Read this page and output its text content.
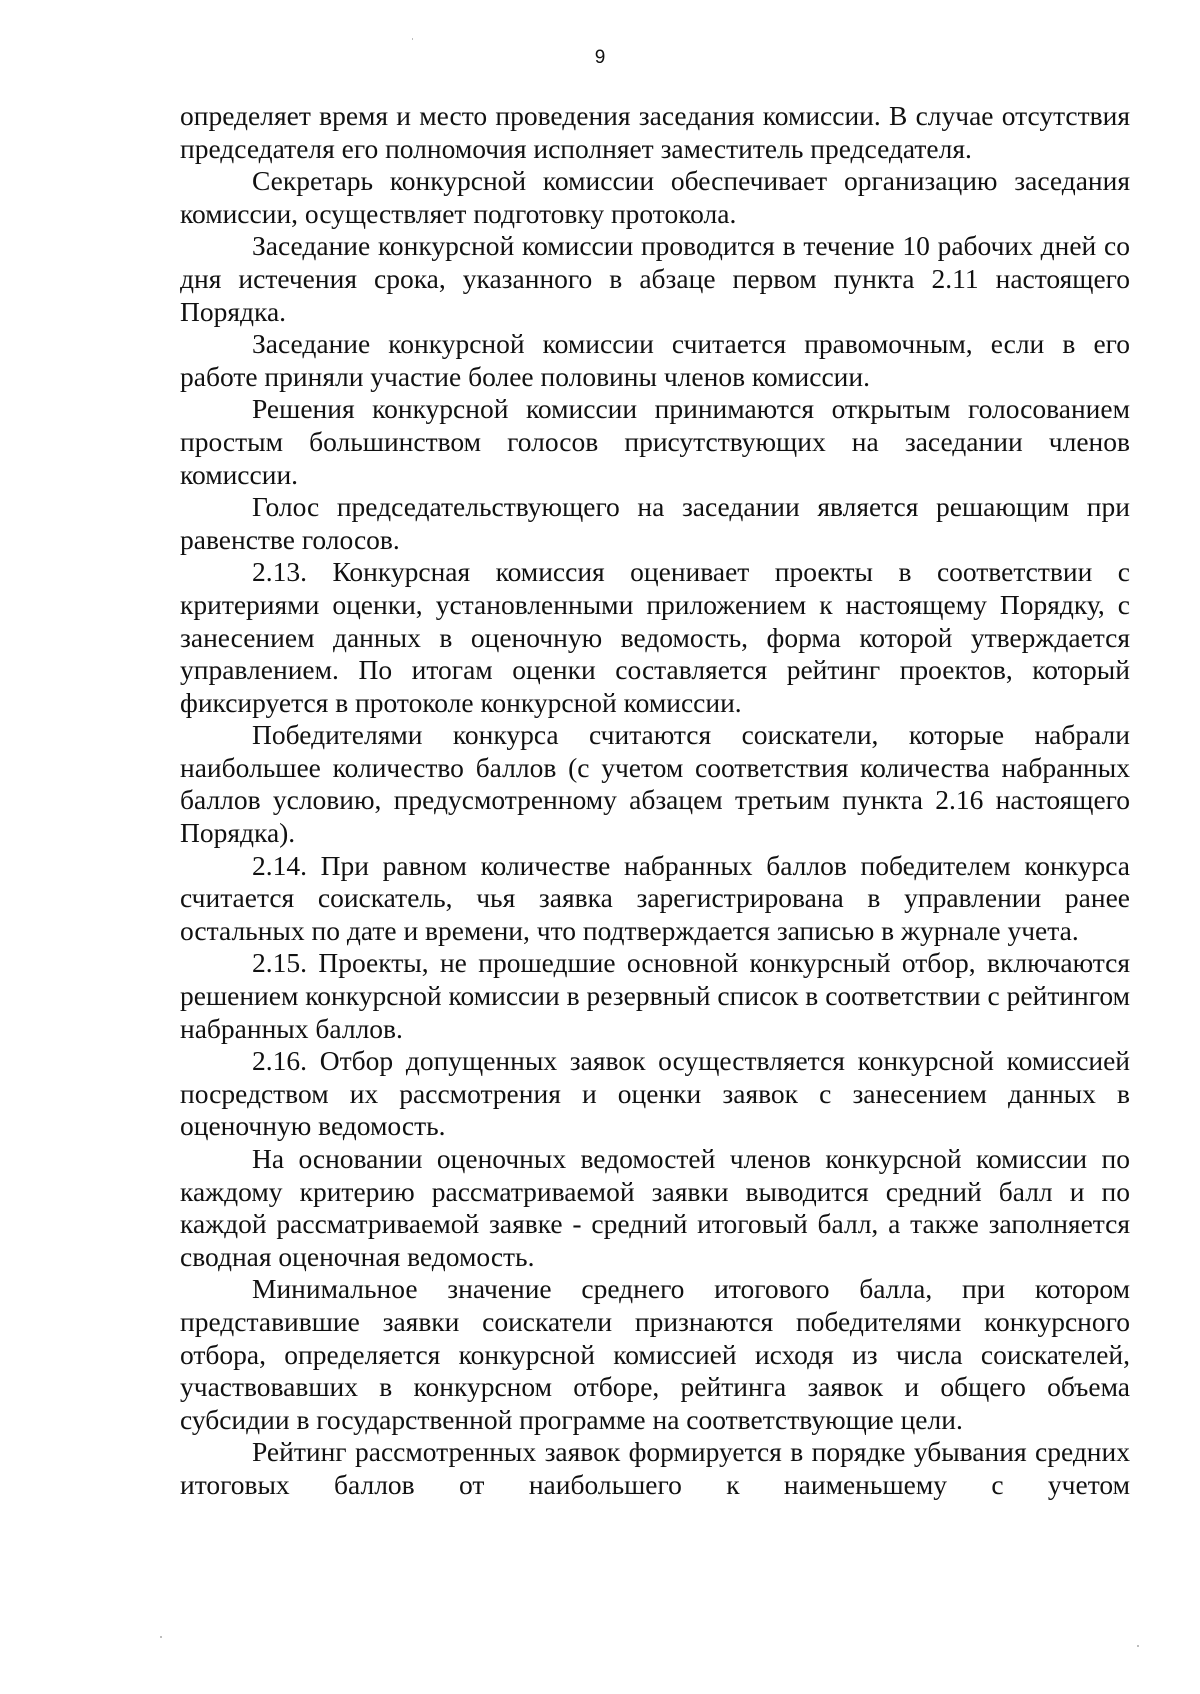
9

определяет время и место проведения заседания комиссии. В случае отсутствия председателя его полномочия исполняет заместитель председателя.

Секретарь конкурсной комиссии обеспечивает организацию заседания комиссии, осуществляет подготовку протокола.

Заседание конкурсной комиссии проводится в течение 10 рабочих дней со дня истечения срока, указанного в абзаце первом пункта 2.11 настоящего Порядка.

Заседание конкурсной комиссии считается правомочным, если в его работе приняли участие более половины членов комиссии.

Решения конкурсной комиссии принимаются открытым голосованием простым большинством голосов присутствующих на заседании членов комиссии.

Голос председательствующего на заседании является решающим при равенстве голосов.

2.13. Конкурсная комиссия оценивает проекты в соответствии с критериями оценки, установленными приложением к настоящему Порядку, с занесением данных в оценочную ведомость, форма которой утверждается управлением. По итогам оценки составляется рейтинг проектов, который фиксируется в протоколе конкурсной комиссии.

Победителями конкурса считаются соискатели, которые набрали наибольшее количество баллов (с учетом соответствия количества набранных баллов условию, предусмотренному абзацем третьим пункта 2.16 настоящего Порядка).

2.14. При равном количестве набранных баллов победителем конкурса считается соискатель, чья заявка зарегистрирована в управлении ранее остальных по дате и времени, что подтверждается записью в журнале учета.

2.15. Проекты, не прошедшие основной конкурсный отбор, включаются решением конкурсной комиссии в резервный список в соответствии с рейтингом набранных баллов.

2.16. Отбор допущенных заявок осуществляется конкурсной комиссией посредством их рассмотрения и оценки заявок с занесением данных в оценочную ведомость.

На основании оценочных ведомостей членов конкурсной комиссии по каждому критерию рассматриваемой заявки выводится средний балл и по каждой рассматриваемой заявке - средний итоговый балл, а также заполняется сводная оценочная ведомость.

Минимальное значение среднего итогового балла, при котором представившие заявки соискатели признаются победителями конкурсного отбора, определяется конкурсной комиссией исходя из числа соискателей, участвовавших в конкурсном отборе, рейтинга заявок и общего объема субсидии в государственной программе на соответствующие цели.

Рейтинг рассмотренных заявок формируется в порядке убывания средних итоговых баллов от наибольшего к наименьшему с учетом
